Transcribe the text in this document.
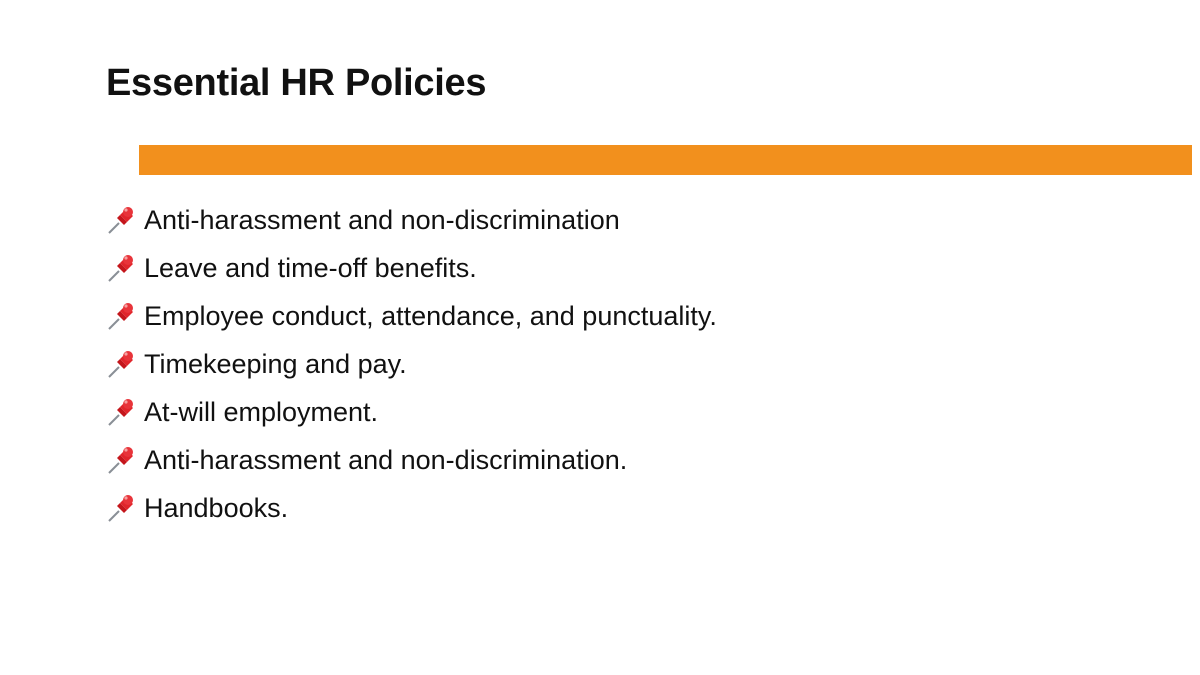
Essential HR Policies
Anti-harassment and non-discrimination
Leave and time-off benefits.
Employee conduct, attendance, and punctuality.
Timekeeping and pay.
At-will employment.
Anti-harassment and non-discrimination.
Handbooks.
